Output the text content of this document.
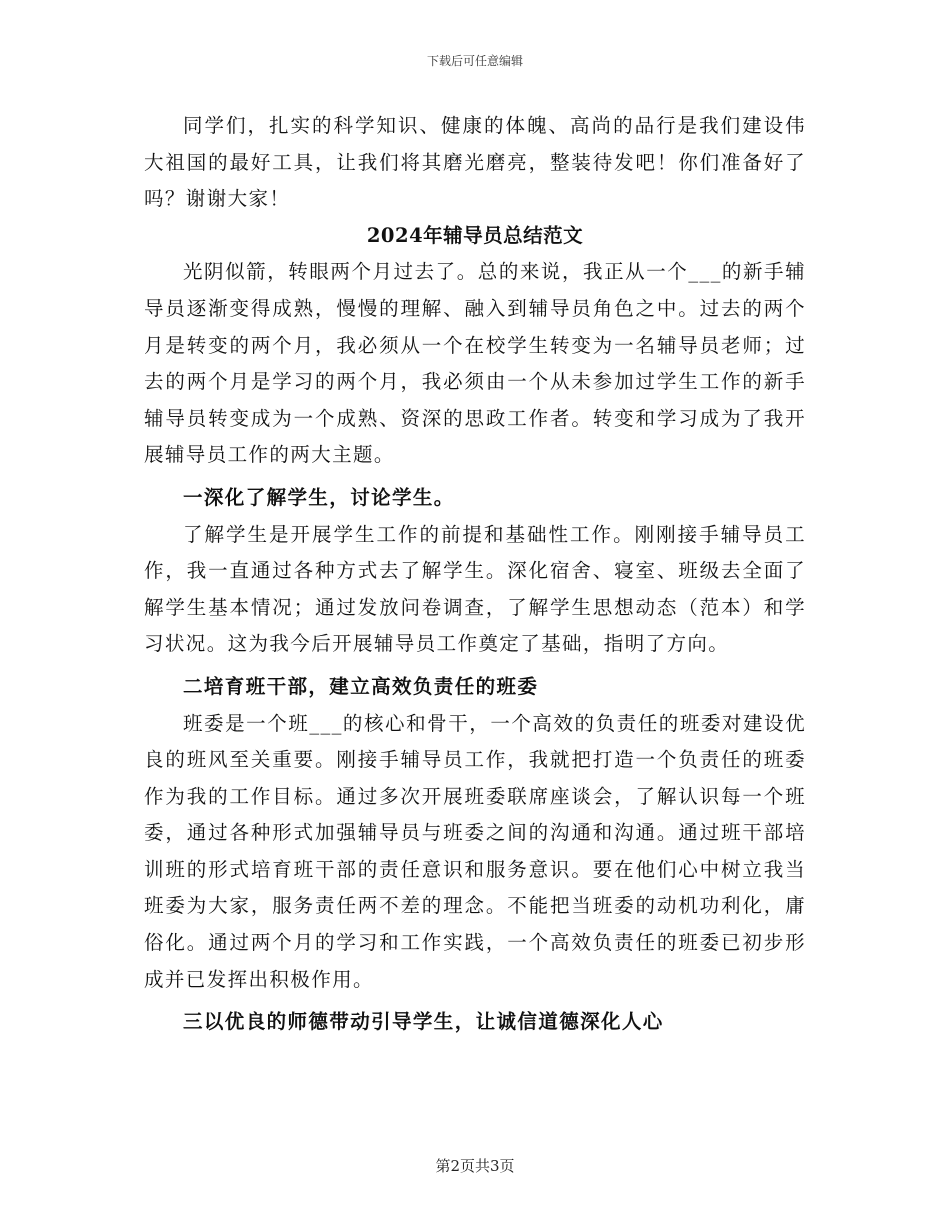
下载后可任意编辑

同学们，扎实的科学知识、健康的体魄、高尚的品行是我们建设伟大祖国的最好工具，让我们将其磨光磨亮，整装待发吧！你们准备好了吗？谢谢大家！

2024年辅导员总结范文

光阴似箭，转眼两个月过去了。总的来说，我正从一个___的新手辅导员逐渐变得成熟，慢慢的理解、融入到辅导员角色之中。过去的两个月是转变的两个月，我必须从一个在校学生转变为一名辅导员老师；过去的两个月是学习的两个月，我必须由一个从未参加过学生工作的新手辅导员转变成为一个成熟、资深的思政工作者。转变和学习成为了我开展辅导员工作的两大主题。

一深化了解学生，讨论学生。

了解学生是开展学生工作的前提和基础性工作。刚刚接手辅导员工作，我一直通过各种方式去了解学生。深化宿舍、寝室、班级去全面了解学生基本情况；通过发放问卷调查，了解学生思想动态（范本）和学习状况。这为我今后开展辅导员工作奠定了基础，指明了方向。

二培育班干部，建立高效负责任的班委

班委是一个班___的核心和骨干，一个高效的负责任的班委对建设优良的班风至关重要。刚接手辅导员工作，我就把打造一个负责任的班委作为我的工作目标。通过多次开展班委联席座谈会，了解认识每一个班委，通过各种形式加强辅导员与班委之间的沟通和沟通。通过班干部培训班的形式培育班干部的责任意识和服务意识。要在他们心中树立我当班委为大家，服务责任两不差的理念。不能把当班委的动机功利化，庸俗化。通过两个月的学习和工作实践，一个高效负责任的班委已初步形成并已发挥出积极作用。

三以优良的师德带动引导学生，让诚信道德深化人心

第2页共3页
